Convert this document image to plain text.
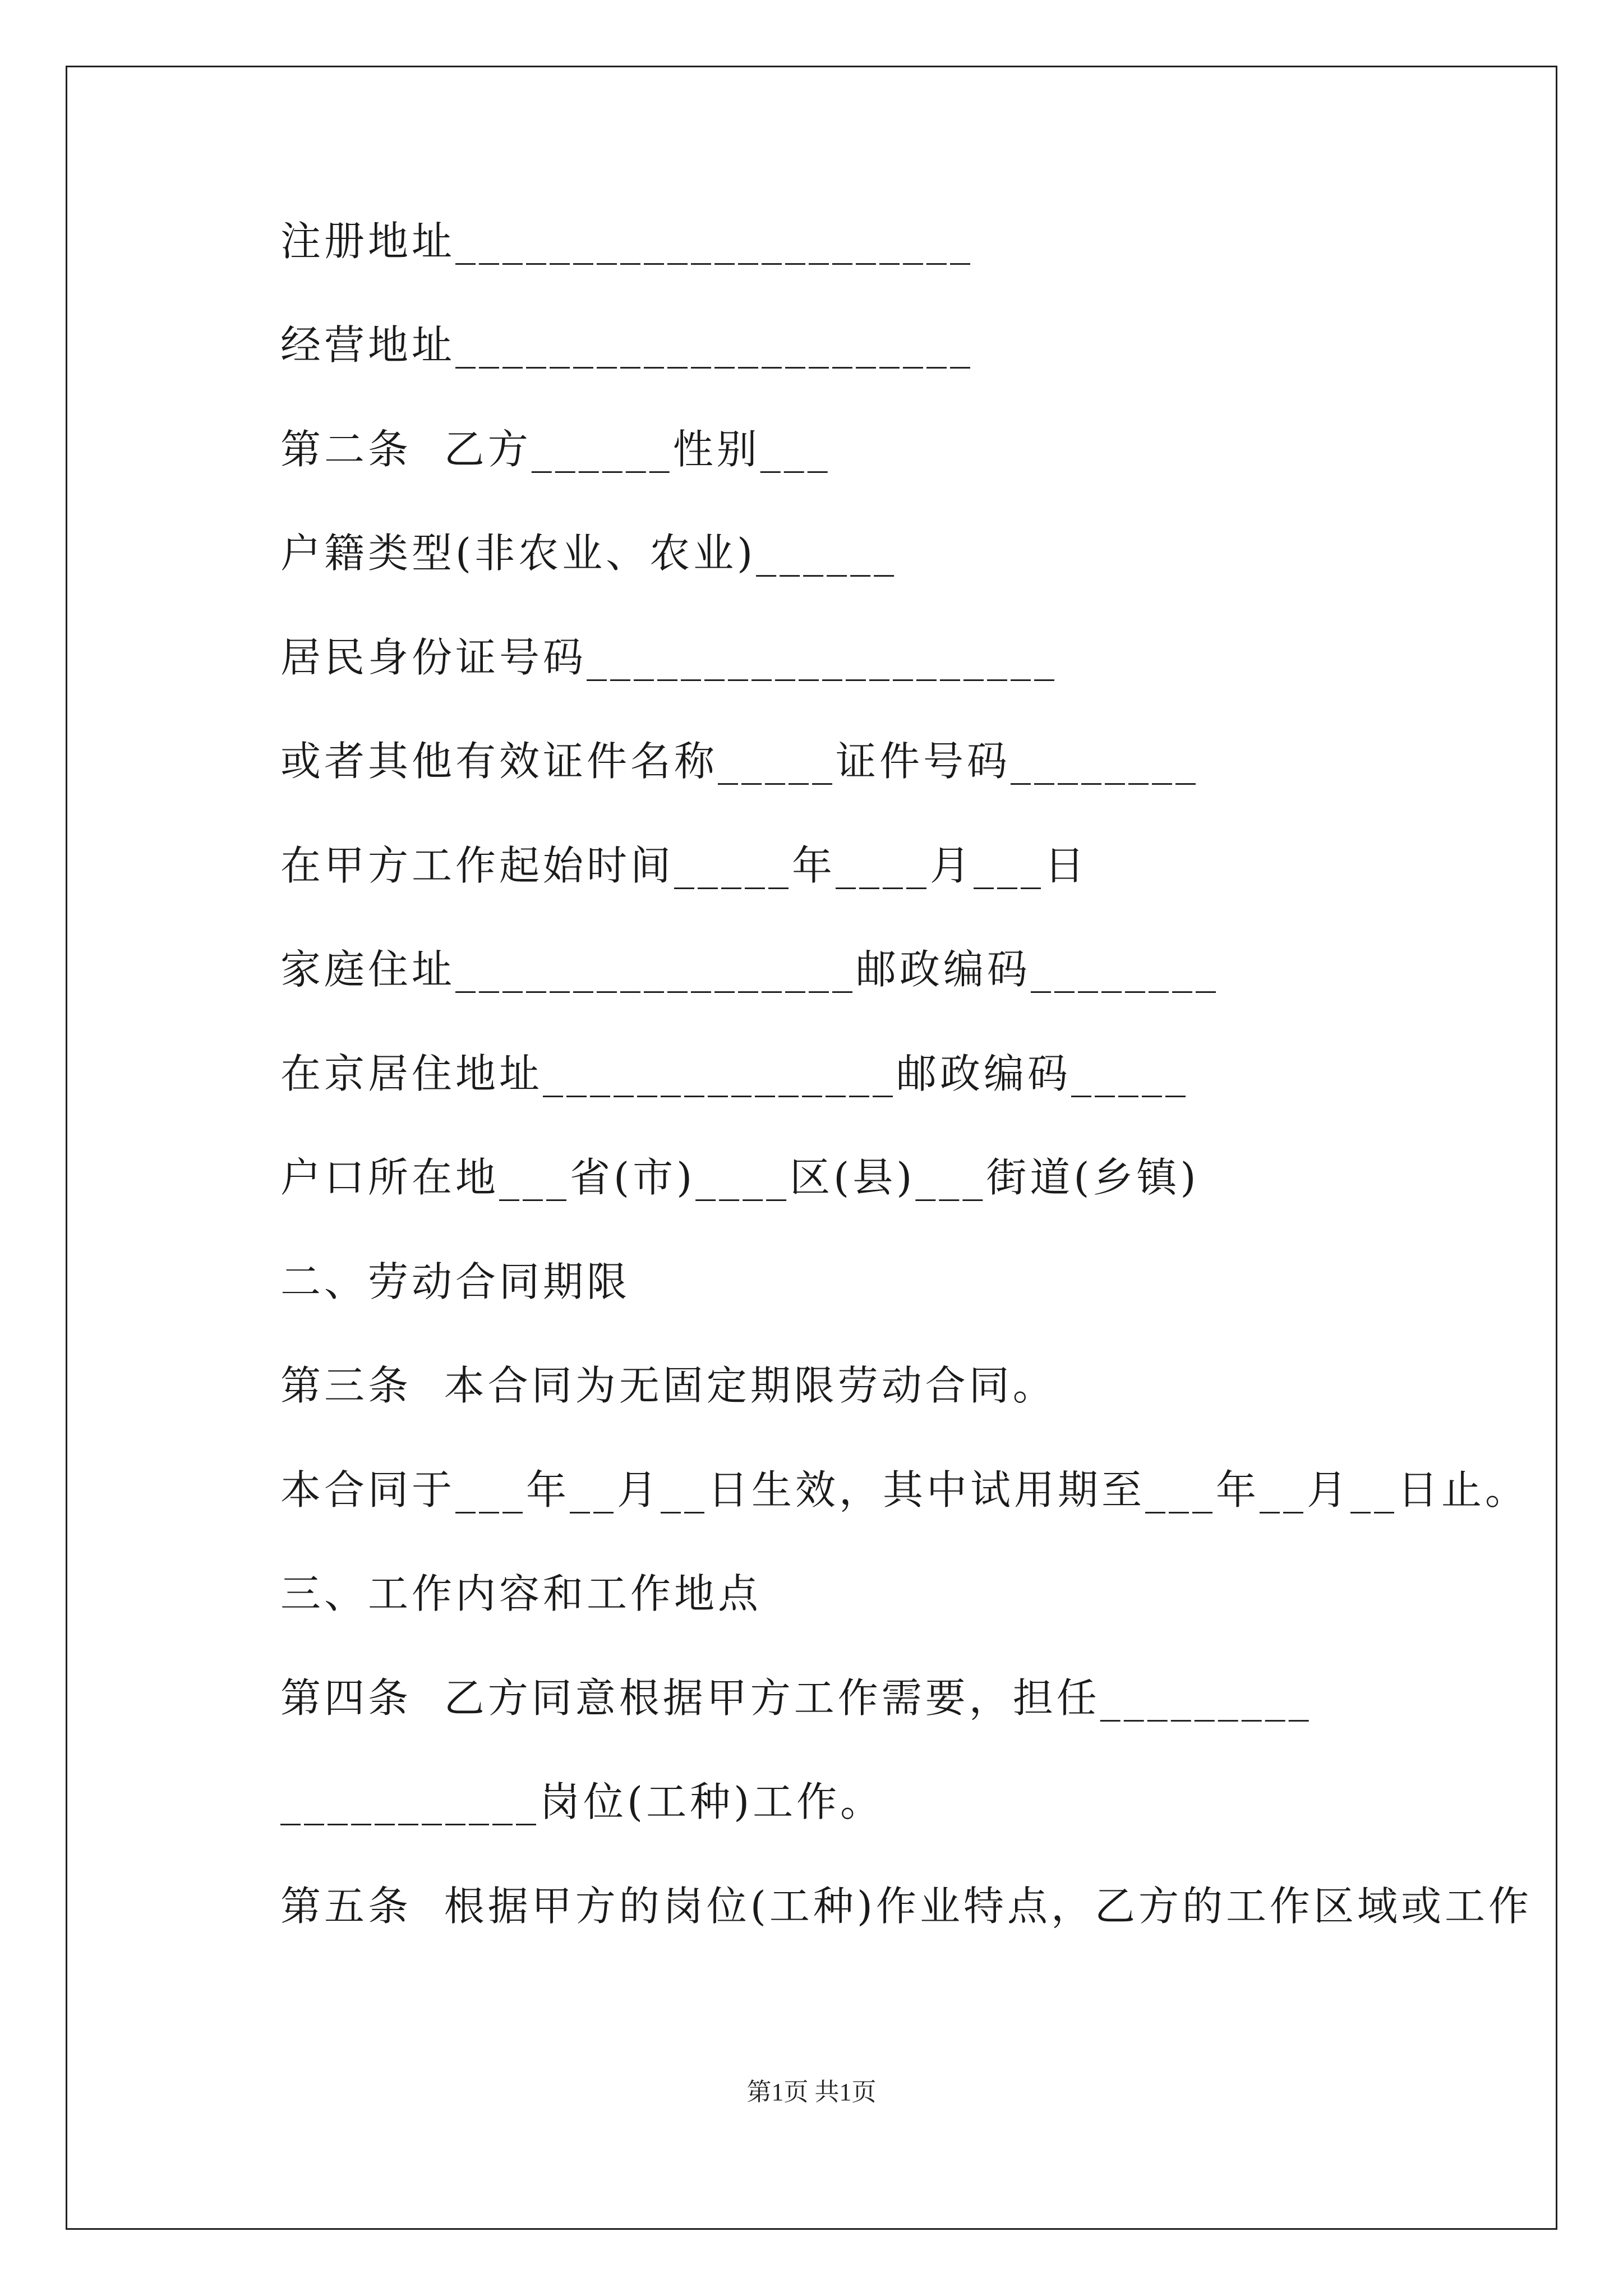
注册地址______________________
经营地址______________________
第二条  乙方______性别___
户籍类型(非农业、农业)______
居民身份证号码____________________
或者其他有效证件名称_____证件号码________
在甲方工作起始时间_____年____月___日
家庭住址_________________邮政编码________
在京居住地址_______________邮政编码_____
户口所在地___省(市)____区(县)___街道(乡镇)
二、劳动合同期限
第三条  本合同为无固定期限劳动合同。
本合同于___年__月__日生效，其中试用期至___年__月__日止。
三、工作内容和工作地点
第四条  乙方同意根据甲方工作需要，担任_________
___________岗位(工种)工作。
第五条  根据甲方的岗位(工种)作业特点，乙方的工作区域或工作
第1页 共1页
